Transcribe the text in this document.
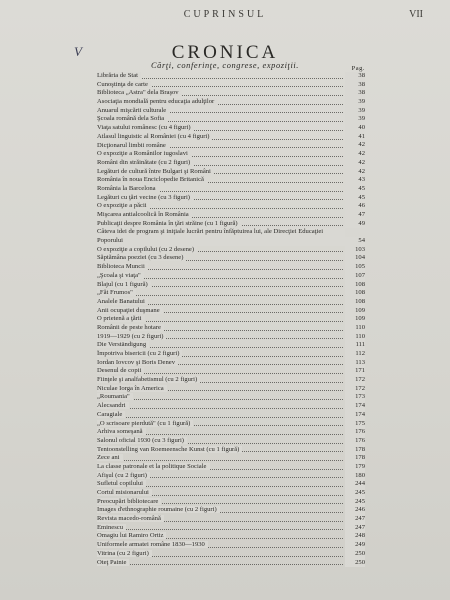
CUPRINSUL	VII
V	CRONICA
Cărţi, conferinţe, congrese, expoziţii.	Pag.
Librăria de Stat	38
Cunoştinţa de carte	38
Biblioteca „Astra" dela Braşov	38
Asociaţia mondială pentru educaţia adulţilor	39
Anuarul mişcării culturale	39
Şcoala română dela Sofia	39
Viaţa satului românesc (cu 4 figuri)	40
Atlasul linguistic al României (cu 4 figuri)	41
Dicţionarul limbii române	42
O expoziţie a Românilor iugoslavi	42
Români din străinătate (cu 2 figuri)	42
Legături de cultură între Bulgari şi Români	42
România în noua Enciclopedie Britanică	43
România la Barcelona	45
Legături cu ţări vecine (cu 3 figuri)	45
O expoziţie a păcii	46
Mişcarea antialcoolică în România	47
Publicaţii despre România în ţări străine (cu 1 figură)	49
Câteva idei de program şi iniţiale lucrări pentru înfăptuirea lui, ale Direcţiei Educaţiei Poporului	54
O expoziţie a copilului (cu 2 desene)	103
Săptămâna poeziei (cu 3 desene)	104
Biblioteca Muncii	105
„Şcoala şi viaţa"	107
Blajul (cu 1 figură)	108
„Făt Frumos"	108
Analele Banatului	108
Anii ocupaţiei duşmane	109
O prietenă a ţării	109
Românii de peste hotare	110
1919—1929 (cu 2 figuri)	110
Die Verständigung	111
Împotriva bisericii (cu 2 figuri)	112
Iordan Iovcov şi Boris Denev	113
Desenul de copii	171
Fiinţele şi analfabetismul (cu 2 figuri)	172
Niculae Iorga în America	172
„Roumania"	173
Alecsandri	174
Caragiale	174
„O scrisoare pierdută" (cu 1 figură)	175
Arhiva someşană	176
Salonul oficial 1930 (cu 3 figuri)	176
Tentoonstelling van Roemeensche Kunst (cu 1 figură)	178
Zece ani	178
La classe patronale et la politique Sociale	179
Afişul (cu 2 figuri)	180
Sufletul copilului	244
Cortul misionarului	245
Preocupări bibliotecare	245
Images d'ethnographie roumaine (cu 2 figuri)	246
Revista macedo-română	247
Eminescu	247
Omagiu lui Ramiro Ortiz	248
Uniformele armatei române 1830—1930	249
Vitrina (cu 2 figuri)	250
Oteţ Painie	250
